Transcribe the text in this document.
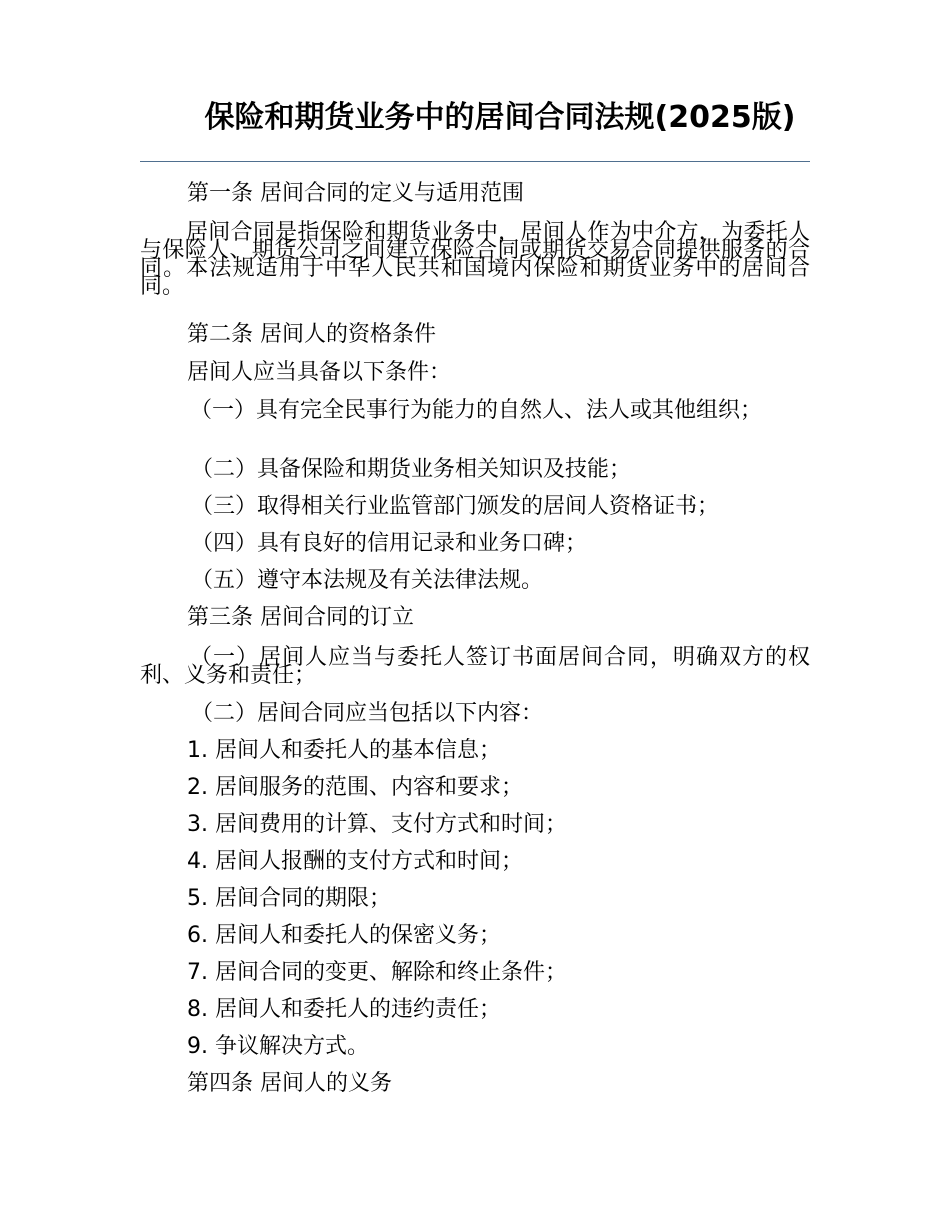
保险和期货业务中的居间合同法规(2025版)
第一条 居间合同的定义与适用范围
居间合同是指保险和期货业务中，居间人作为中介方，为委托人与保险人、期货公司之间建立保险合同或期货交易合同提供服务的合同。本法规适用于中华人民共和国境内保险和期货业务中的居间合同。
第二条 居间人的资格条件
居间人应当具备以下条件：
（一）具有完全民事行为能力的自然人、法人或其他组织；
（二）具备保险和期货业务相关知识及技能；
（三）取得相关行业监管部门颁发的居间人资格证书；
（四）具有良好的信用记录和业务口碑；
（五）遵守本法规及有关法律法规。
第三条 居间合同的订立
（一）居间人应当与委托人签订书面居间合同，明确双方的权利、义务和责任；
（二）居间合同应当包括以下内容：
1. 居间人和委托人的基本信息；
2. 居间服务的范围、内容和要求；
3. 居间费用的计算、支付方式和时间；
4. 居间人报酬的支付方式和时间；
5. 居间合同的期限；
6. 居间人和委托人的保密义务；
7. 居间合同的变更、解除和终止条件；
8. 居间人和委托人的违约责任；
9. 争议解决方式。
第四条 居间人的义务
